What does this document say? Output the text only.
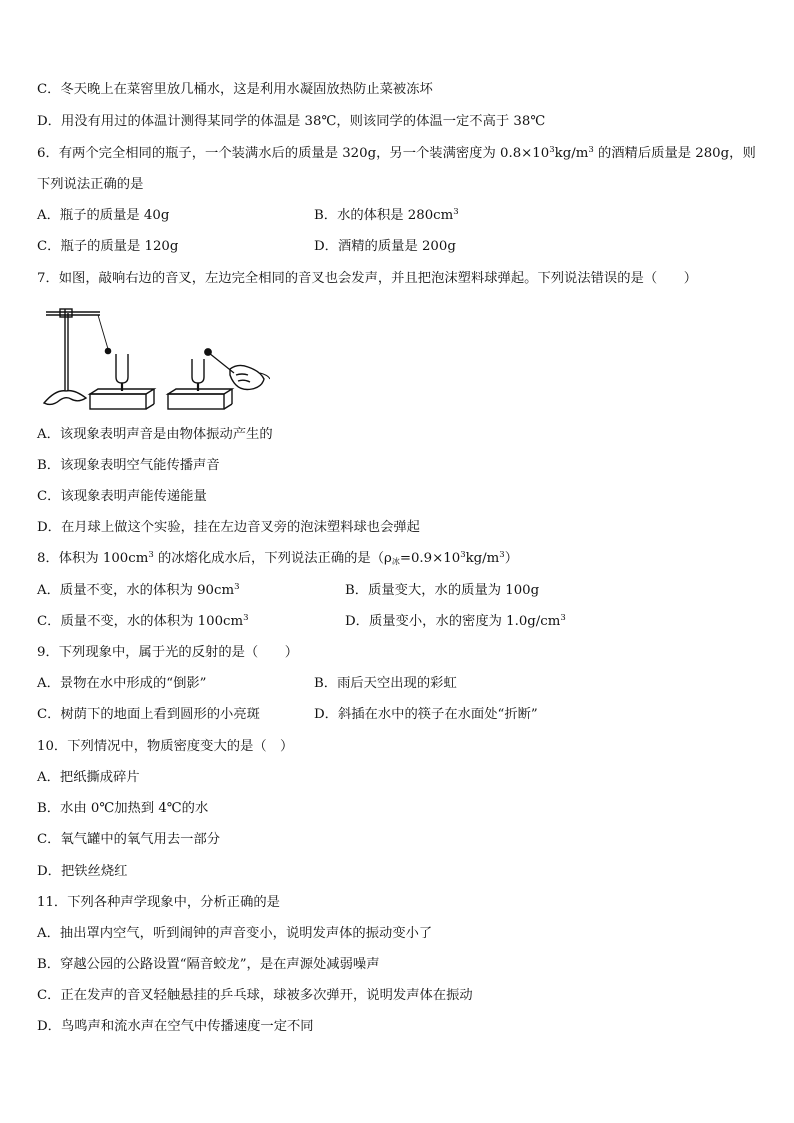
C．冬天晚上在菜窖里放几桶水，这是利用水凝固放热防止菜被冻坏
D．用没有用过的体温计测得某同学的体温是 38℃，则该同学的体温一定不高于 38℃
6．有两个完全相同的瓶子，一个装满水后的质量是 320g，另一个装满密度为 $0.8\times 10^3kg/m^3$ 的酒精后质量是 280g，则
下列说法正确的是
A．瓶子的质量是 40g	B．水的体积是 $280cm^3$
C．瓶子的质量是 120g	D．酒精的质量是 200g
7．如图，敲响右边的音叉，左边完全相同的音叉也会发声，并且把泡沫塑料球弹起。下列说法错误的是（　　）
A．该现象表明声音是由物体振动产生的
B．该现象表明空气能传播声音
C．该现象表明声能传递能量
D．在月球上做这个实验，挂在左边音叉旁的泡沫塑料球也会弹起
8．体积为 $100cm^3$ 的冰熔化成水后，下列说法正确的是$(\rho_冰=0.9\times 10^3kg/m^3)$
A．质量不变，水的体积为 $90cm^3$	B．质量变大，水的质量为 100g
C．质量不变，水的体积为 $100cm^3$	D．质量变小，水的密度为 $1.0g/cm^3$
9．下列现象中，属于光的反射的是（　　）
A．景物在水中形成的“倒影”	B．雨后天空出现的彩虹
C．树荫下的地面上看到圆形的小亮斑	D．斜插在水中的筷子在水面处“折断”
10．下列情况中，物质密度变大的是（　）
A．把纸撕成碎片
B．水由 0℃加热到 4℃的水
C．氧气罐中的氧气用去一部分
D．把铁丝烧红
11．下列各种声学现象中，分析正确的是
A．抽出罩内空气，听到闹钟的声音变小，说明发声体的振动变小了
B．穿越公园的公路设置“隔音蛟龙”，是在声源处减弱噪声
C．正在发声的音叉轻触悬挂的乒乓球，球被多次弹开，说明发声体在振动
D．鸟鸣声和流水声在空气中传播速度一定不同
